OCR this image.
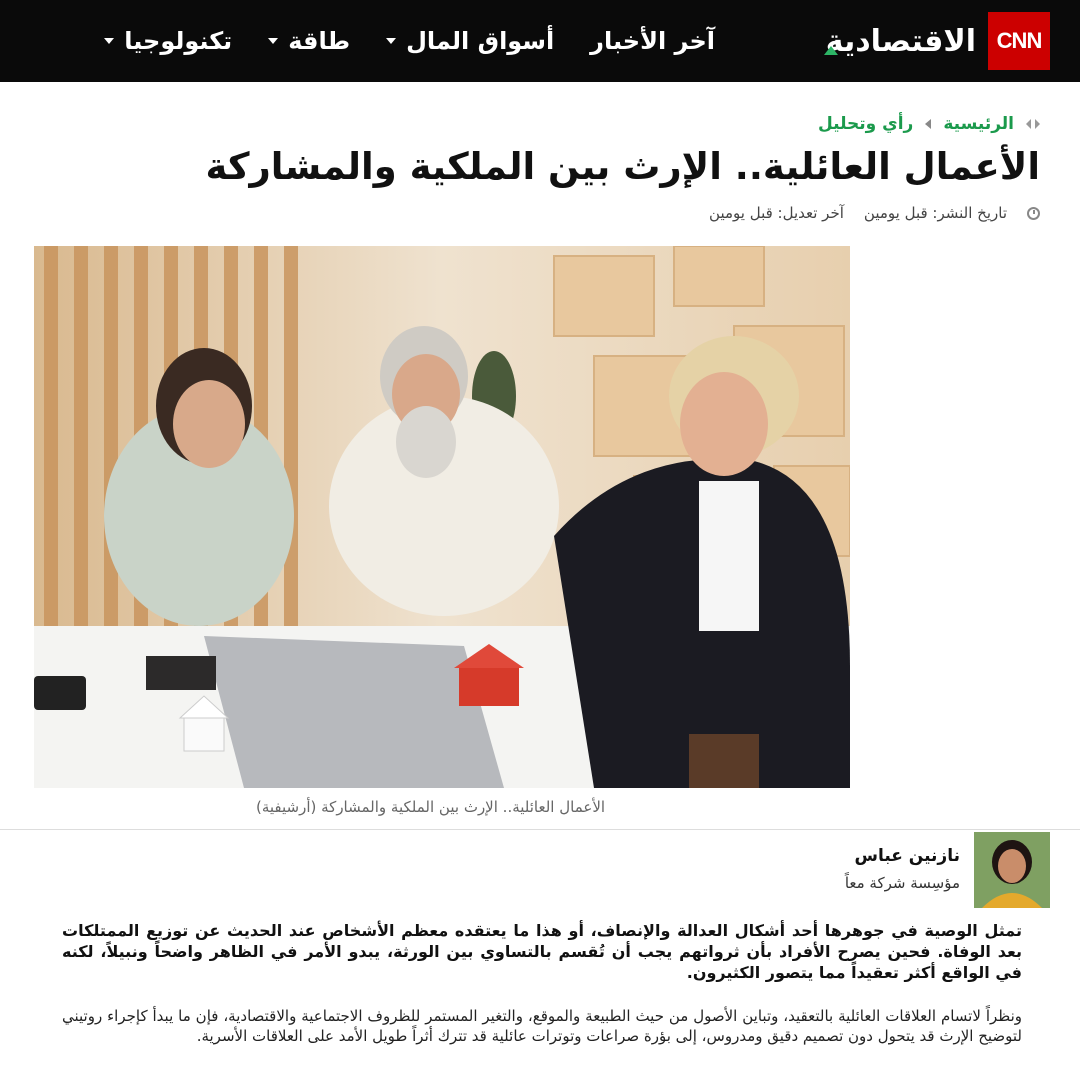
CNN
الاقتصادية
آخر الأخبار
أسواق المال
طاقة
تكنولوجيا
الرئيسية
رأي وتحليل
الأعمال العائلية.. الإرث بين الملكية والمشاركة
تاريخ النشر: قبل يومين
آخر تعديل: قبل يومين
الأعمال العائلية.. الإرث بين الملكية والمشاركة (أرشيفية)
نازنين عباس
مؤسِسة شركة معاً

تمثل الوصية في جوهرها أحد أشكال العدالة والإنصاف، أو هذا ما يعتقده معظم الأشخاص عند الحديث عن توزيع الممتلكات بعد الوفاة. فحين يصرح الأفراد بأن ثرواتهم يجب أن تُقسم بالتساوي بين الورثة، يبدو الأمر في الظاهر واضحاً ونبيلاً، لكنه في الواقع أكثر تعقيداً مما يتصور الكثيرون.

ونظراً لاتسام العلاقات العائلية بالتعقيد، وتباين الأصول من حيث الطبيعة والموقع، والتغير المستمر للظروف الاجتماعية والاقتصادية، فإن ما يبدأ كإجراء روتيني لتوضيح الإرث قد يتحول دون تصميم دقيق ومدروس، إلى بؤرة صراعات وتوترات عائلية قد تترك أثراً طويل الأمد على العلاقات الأسرية.
